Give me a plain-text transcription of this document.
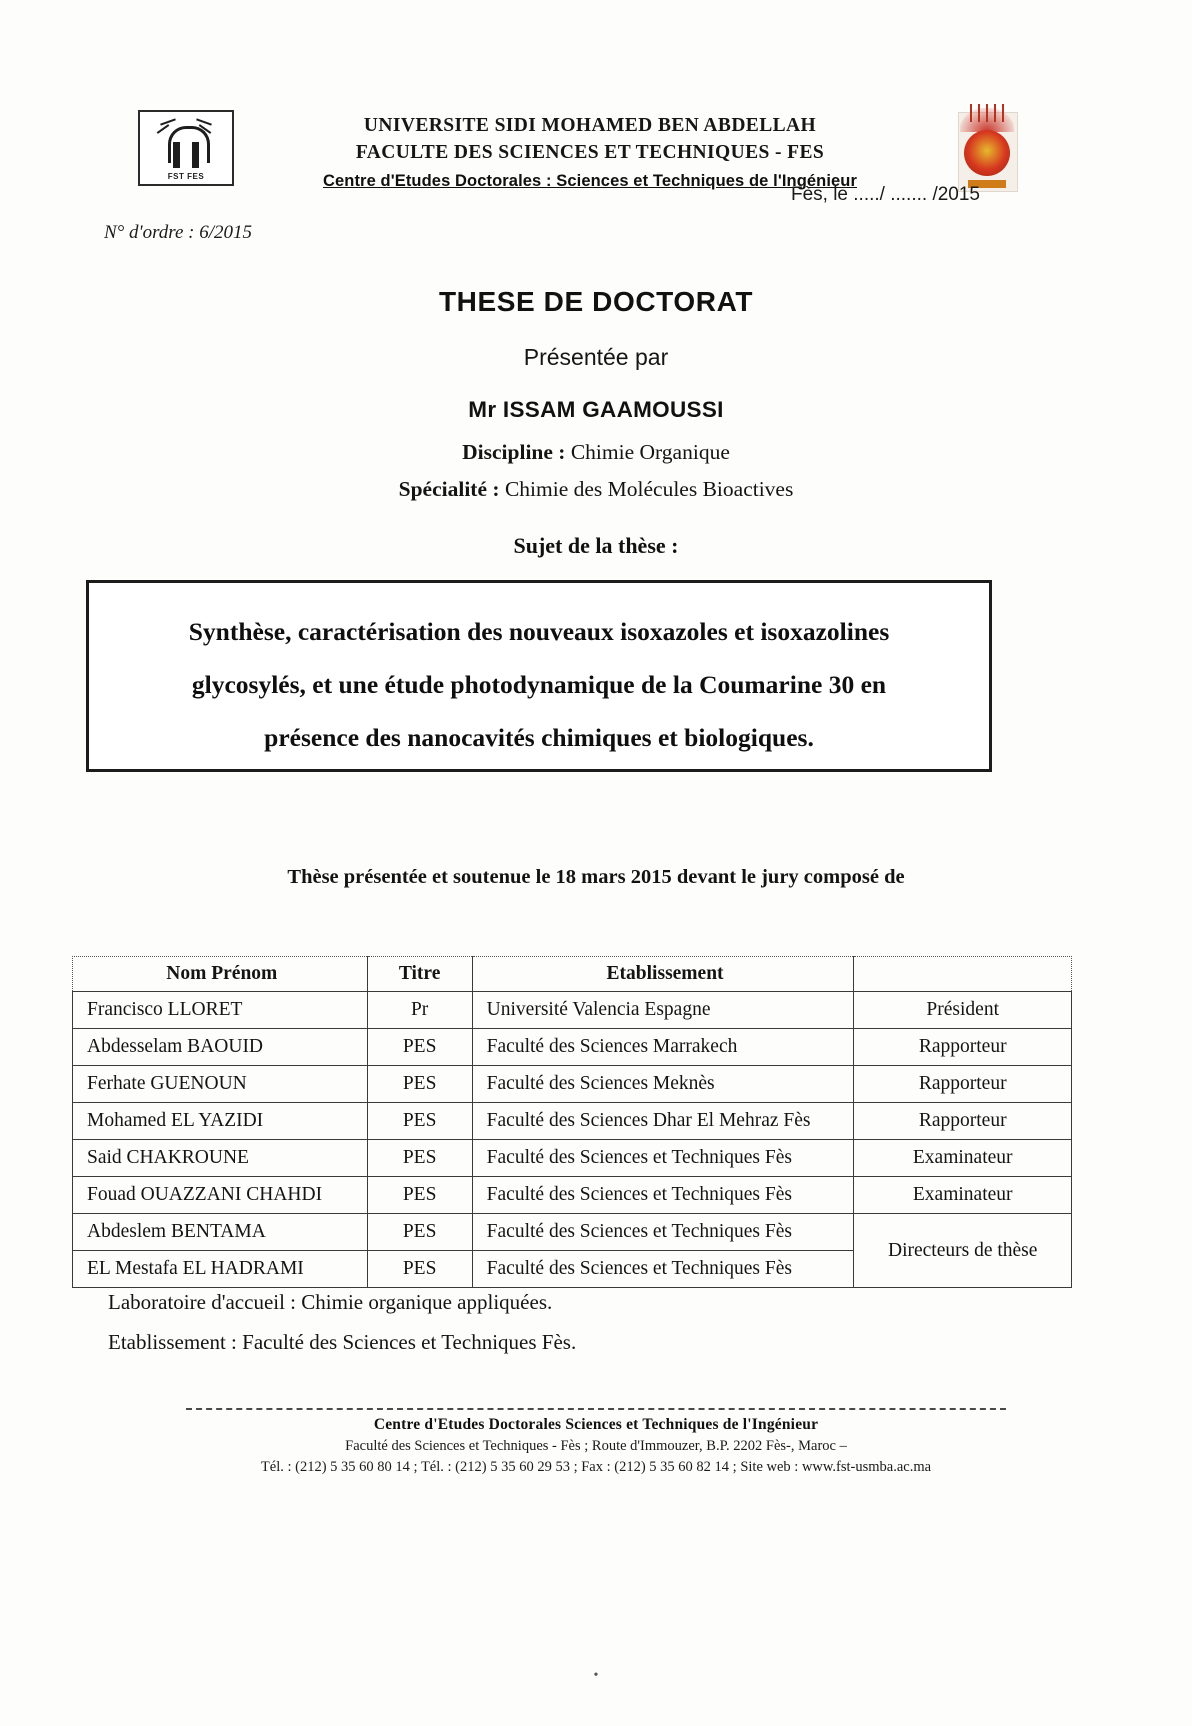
FST FES
UNIVERSITE SIDI MOHAMED BEN ABDELLAH
FACULTE DES SCIENCES ET TECHNIQUES - FES
Centre d'Etudes Doctorales : Sciences et Techniques de l'Ingénieur
Fès, le ...../ ....... /2015
N° d'ordre : 6/2015
THESE DE DOCTORAT
Présentée par
Mr ISSAM GAAMOUSSI
Discipline : Chimie Organique
Spécialité : Chimie des Molécules Bioactives
Sujet de la thèse :
Synthèse, caractérisation des nouveaux isoxazoles et isoxazolines
glycosylés, et une étude photodynamique de la Coumarine 30 en
présence des nanocavités chimiques et biologiques.
Thèse présentée et soutenue le 18 mars 2015 devant le jury composé de
Nom Prénom	Titre	Etablissement	
Francisco LLORET	Pr	Université Valencia Espagne	Président
Abdesselam BAOUID	PES	Faculté des Sciences Marrakech	Rapporteur
Ferhate GUENOUN	PES	Faculté des Sciences Meknès	Rapporteur
Mohamed EL YAZIDI	PES	Faculté des Sciences Dhar El Mehraz Fès	Rapporteur
Said CHAKROUNE	PES	Faculté des Sciences et Techniques Fès	Examinateur
Fouad OUAZZANI CHAHDI	PES	Faculté des Sciences et Techniques Fès	Examinateur
Abdeslem BENTAMA	PES	Faculté des Sciences et Techniques Fès	Directeurs de thèse
EL Mestafa EL HADRAMI	PES	Faculté des Sciences et Techniques Fès	
Laboratoire d'accueil : Chimie organique appliquées.
Etablissement : Faculté des Sciences et Techniques Fès.
Centre d'Etudes Doctorales Sciences et Techniques de l'Ingénieur
Faculté des Sciences et Techniques - Fès ; Route d'Immouzer, B.P. 2202 Fès-, Maroc –
Tél. : (212) 5 35 60 80 14 ; Tél. : (212) 5 35 60 29 53 ; Fax : (212) 5 35 60 82 14 ; Site web : www.fst-usmba.ac.ma
•
